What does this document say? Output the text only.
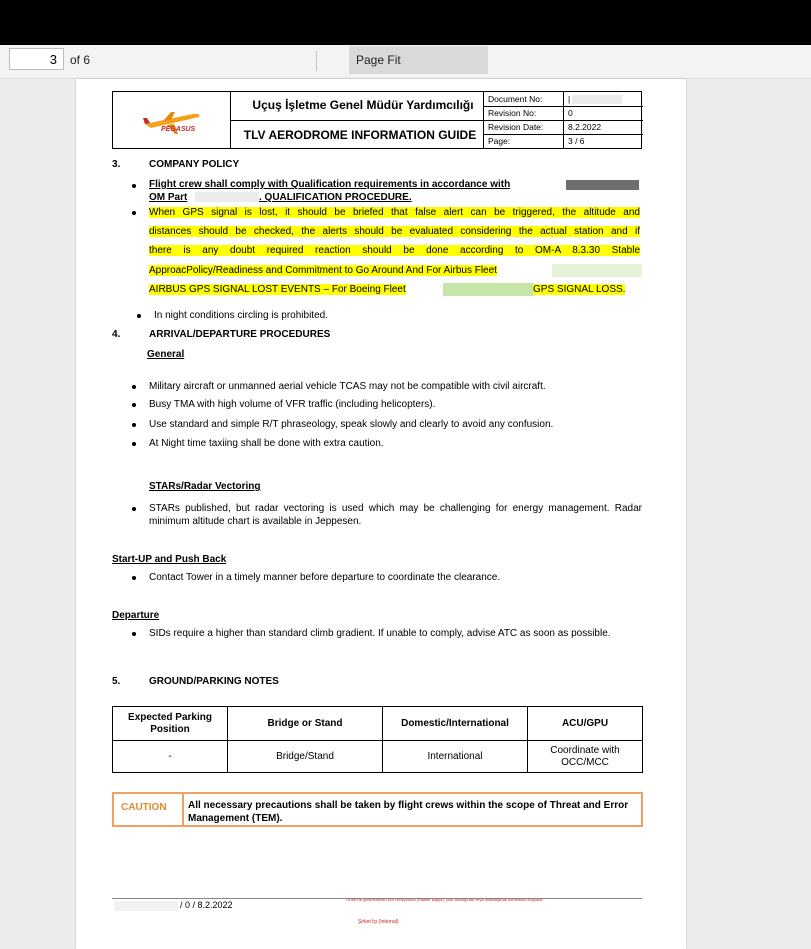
3
of 6	Page Fit
PEGASUS
Uçuş İşletme Genel Müdür Yardımcılığı
TLV AERODROME INFORMATION GUIDE
Document No:	|
Revision No:	0
Revision Date:	8.2.2022
Page:	3 / 6
3.	COMPANY POLICY
Flight crew shall comply with Qualification requirements in accordance with
OM Part	. QUALIFICATION PROCEDURE.
When GPS signal is lost, it should be briefed that false alert can be triggered, the altitude and
distances should be checked, the alerts should be evaluated considering the actual station and if
there is any doubt required reaction should be done according to OM-A 8.3.30 Stable
ApproacPolicy/Readiness and Commitment to Go Around And For Airbus Fleet
AIRBUS GPS SIGNAL LOST EVENTS – For Boeing Fleet	GPS SIGNAL LOSS.
In night conditions circling is prohibited.
4.	ARRIVAL/DEPARTURE PROCEDURES
General
Military aircraft or unmanned aerial vehicle TCAS may not be compatible with civil aircraft.
Busy TMA with high volume of VFR traffic (including helicopters).
Use standard and simple R/T phraseology, speak slowly and clearly to avoid any confusion.
At Night time taxiing shall be done with extra caution.
STARs/Radar Vectoring
STARs published, but radar vectoring is used which may be challenging for energy management. Radar minimum altitude chart is available in Jeppesen.
Start-UP and Push Back
Contact Tower in a timely manner before departure to coordinate the clearance.
Departure
SIDs require a higher than standard climb gradient. If unable to comply, advise ATC as soon as possible.
5.	GROUND/PARKING NOTES
Expected Parking Position	Bridge or Stand	Domestic/International	ACU/GPU
-	Bridge/Stand	International	Coordinate with OCC/MCC
CAUTION All necessary precautions shall be taken by flight crews within the scope of Threat and Error Management (TEM).
/ 0 / 8.2.2022
GDMS'te görüntülenen son revizyondur (master kopya), çıktı alındığında veya indirildiğinde kontrolsüz kopyadır
Şirket İçi (Internal)
